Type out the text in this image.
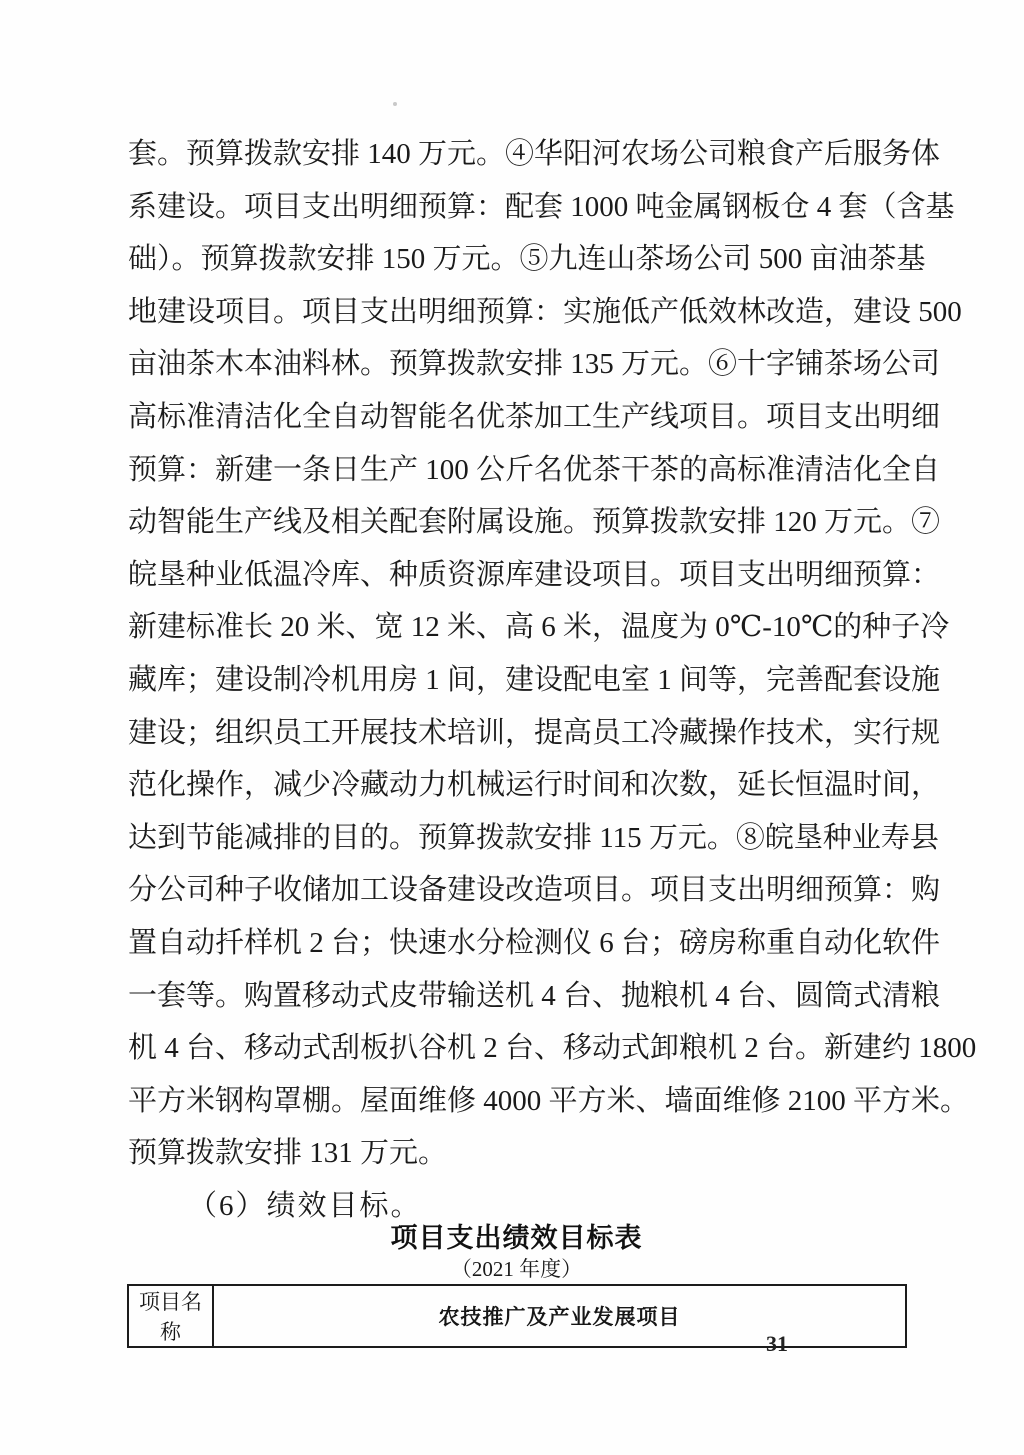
套。预算拨款安排 140 万元。④华阳河农场公司粮食产后服务体
系建设。项目支出明细预算：配套 1000 吨金属钢板仓 4 套（含基
础）。预算拨款安排 150 万元。⑤九连山茶场公司 500 亩油茶基
地建设项目。项目支出明细预算：实施低产低效林改造，建设 500
亩油茶木本油料林。预算拨款安排 135 万元。⑥十字铺茶场公司
高标准清洁化全自动智能名优茶加工生产线项目。项目支出明细
预算：新建一条日生产 100 公斤名优茶干茶的高标准清洁化全自
动智能生产线及相关配套附属设施。预算拨款安排 120 万元。⑦
皖垦种业低温冷库、种质资源库建设项目。项目支出明细预算：
新建标准长 20 米、宽 12 米、高 6 米，温度为 0℃-10℃的种子冷
藏库；建设制冷机用房 1 间，建设配电室 1 间等，完善配套设施
建设；组织员工开展技术培训，提高员工冷藏操作技术，实行规
范化操作，减少冷藏动力机械运行时间和次数，延长恒温时间，
达到节能减排的目的。预算拨款安排 115 万元。⑧皖垦种业寿县
分公司种子收储加工设备建设改造项目。项目支出明细预算：购
置自动扦样机 2 台；快速水分检测仪 6 台；磅房称重自动化软件
一套等。购置移动式皮带输送机 4 台、抛粮机 4 台、圆筒式清粮
机 4 台、移动式刮板扒谷机 2 台、移动式卸粮机 2 台。新建约 1800
平方米钢构罩棚。屋面维修 4000 平方米、墙面维修 2100 平方米。
预算拨款安排 131 万元。
（6）绩效目标。
项目支出绩效目标表
（2021 年度）
项目名称	农技推广及产业发展项目
31
